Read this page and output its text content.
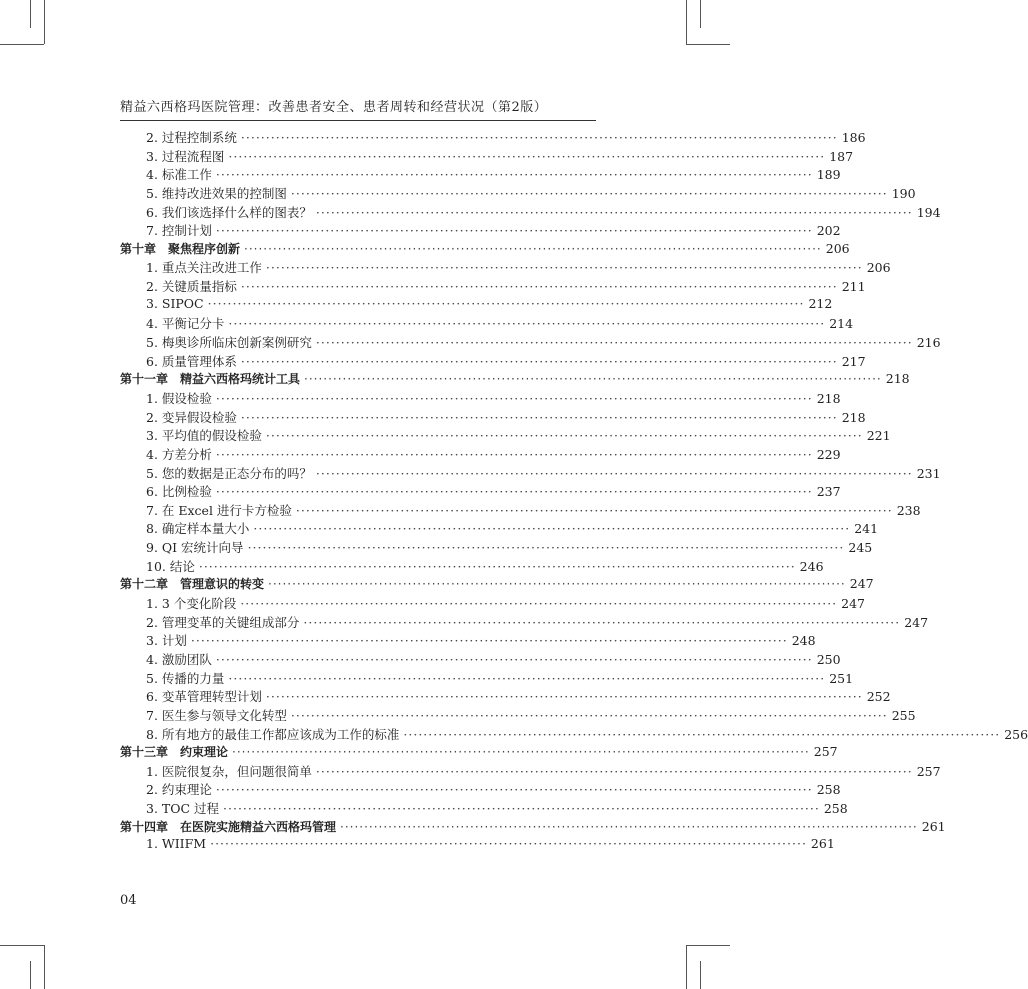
精益六西格玛医院管理：改善患者安全、患者周转和经营状况（第2版）
2. 过程控制系统 ·····	186
3. 过程流程图 ·····	187
4. 标准工作 ·····	189
5. 维持改进效果的控制图 ·····	190
6. 我们该选择什么样的图表？ ·····	194
7. 控制计划 ·····	202
第十章　聚焦程序创新 ·····	206
1. 重点关注改进工作 ·····	206
2. 关键质量指标 ·····	211
3. SIPOC ·····	212
4. 平衡记分卡 ·····	214
5. 梅奥诊所临床创新案例研究 ·····	216
6. 质量管理体系 ·····	217
第十一章　精益六西格玛统计工具 ·····	218
1. 假设检验 ·····	218
2. 变异假设检验 ·····	218
3. 平均值的假设检验 ·····	221
4. 方差分析 ·····	229
5. 您的数据是正态分布的吗？ ·····	231
6. 比例检验 ·····	237
7. 在 Excel 进行卡方检验 ·····	238
8. 确定样本量大小 ·····	241
9. QI 宏统计向导 ·····	245
10. 结论 ·····	246
第十二章　管理意识的转变 ·····	247
1. 3 个变化阶段 ·····	247
2. 管理变革的关键组成部分 ·····	247
3. 计划 ·····	248
4. 激励团队 ·····	250
5. 传播的力量 ·····	251
6. 变革管理转型计划 ·····	252
7. 医生参与领导文化转型 ·····	255
8. 所有地方的最佳工作都应该成为工作的标准 ·····	256
第十三章　约束理论 ·····	257
1. 医院很复杂，但问题很简单 ·····	257
2. 约束理论 ·····	258
3. TOC 过程 ·····	258
第十四章　在医院实施精益六西格玛管理 ·····	261
1. WIIFM ·····	261
04
